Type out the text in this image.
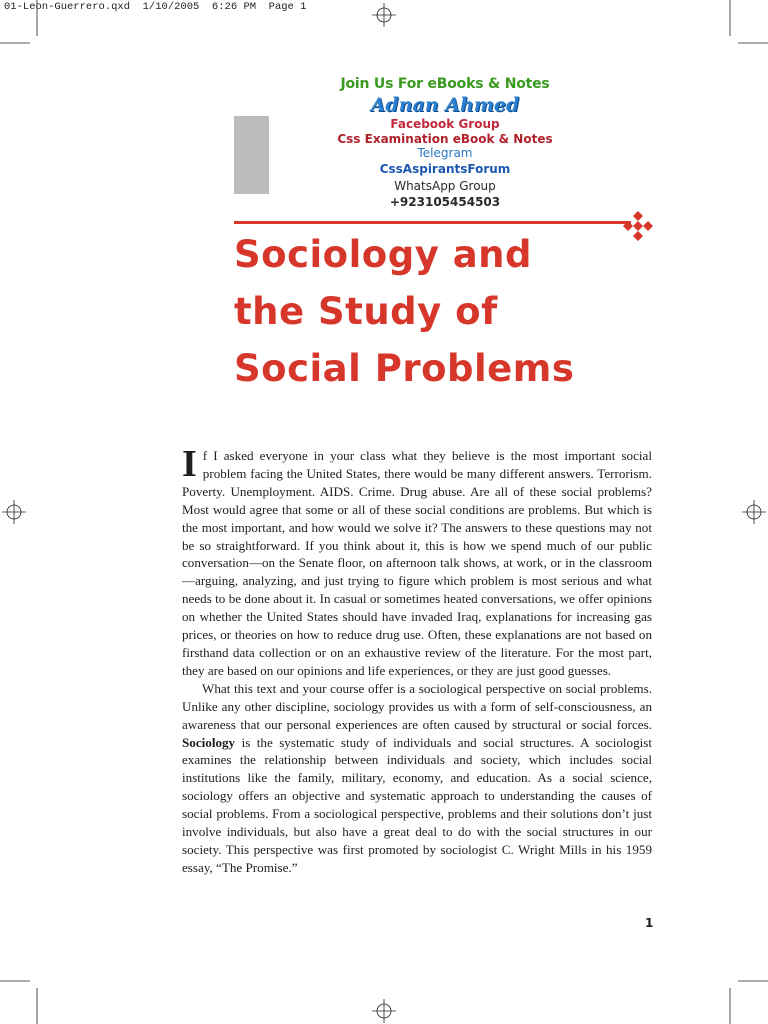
01-Leon-Guerrero.qxd  1/10/2005  6:26 PM  Page 1
Join Us For eBooks & Notes
Adnan Ahmed
Facebook Group
Css Examination eBook & Notes
Telegram
CssAspirantsForum
WhatsApp Group
+923105454503
Sociology and
the Study of
Social Problems

If I asked everyone in your class what they believe is the most important social problem facing the United States, there would be many different answers. Terrorism. Poverty. Unemployment. AIDS. Crime. Drug abuse. Are all of these social problems? Most would agree that some or all of these social conditions are problems. But which is the most important, and how would we solve it? The answers to these questions may not be so straightforward. If you think about it, this is how we spend much of our public conversation—on the Senate floor, on afternoon talk shows, at work, or in the classroom—arguing, analyzing, and just trying to figure which problem is most serious and what needs to be done about it. In casual or sometimes heated conversations, we offer opinions on whether the United States should have invaded Iraq, explanations for increasing gas prices, or theories on how to reduce drug use. Often, these explanations are not based on firsthand data collection or on an exhaustive review of the literature. For the most part, they are based on our opinions and life experiences, or they are just good guesses.

What this text and your course offer is a sociological perspective on social problems. Unlike any other discipline, sociology provides us with a form of self-consciousness, an awareness that our personal experiences are often caused by structural or social forces. Sociology is the systematic study of individuals and social structures. A sociologist examines the relationship between individuals and society, which includes social institutions like the family, military, economy, and education. As a social science, sociology offers an objective and systematic approach to understanding the causes of social problems. From a sociological perspective, problems and their solutions don’t just involve individuals, but also have a great deal to do with the social structures in our society. This perspective was first promoted by sociologist C. Wright Mills in his 1959 essay, “The Promise.”

1
